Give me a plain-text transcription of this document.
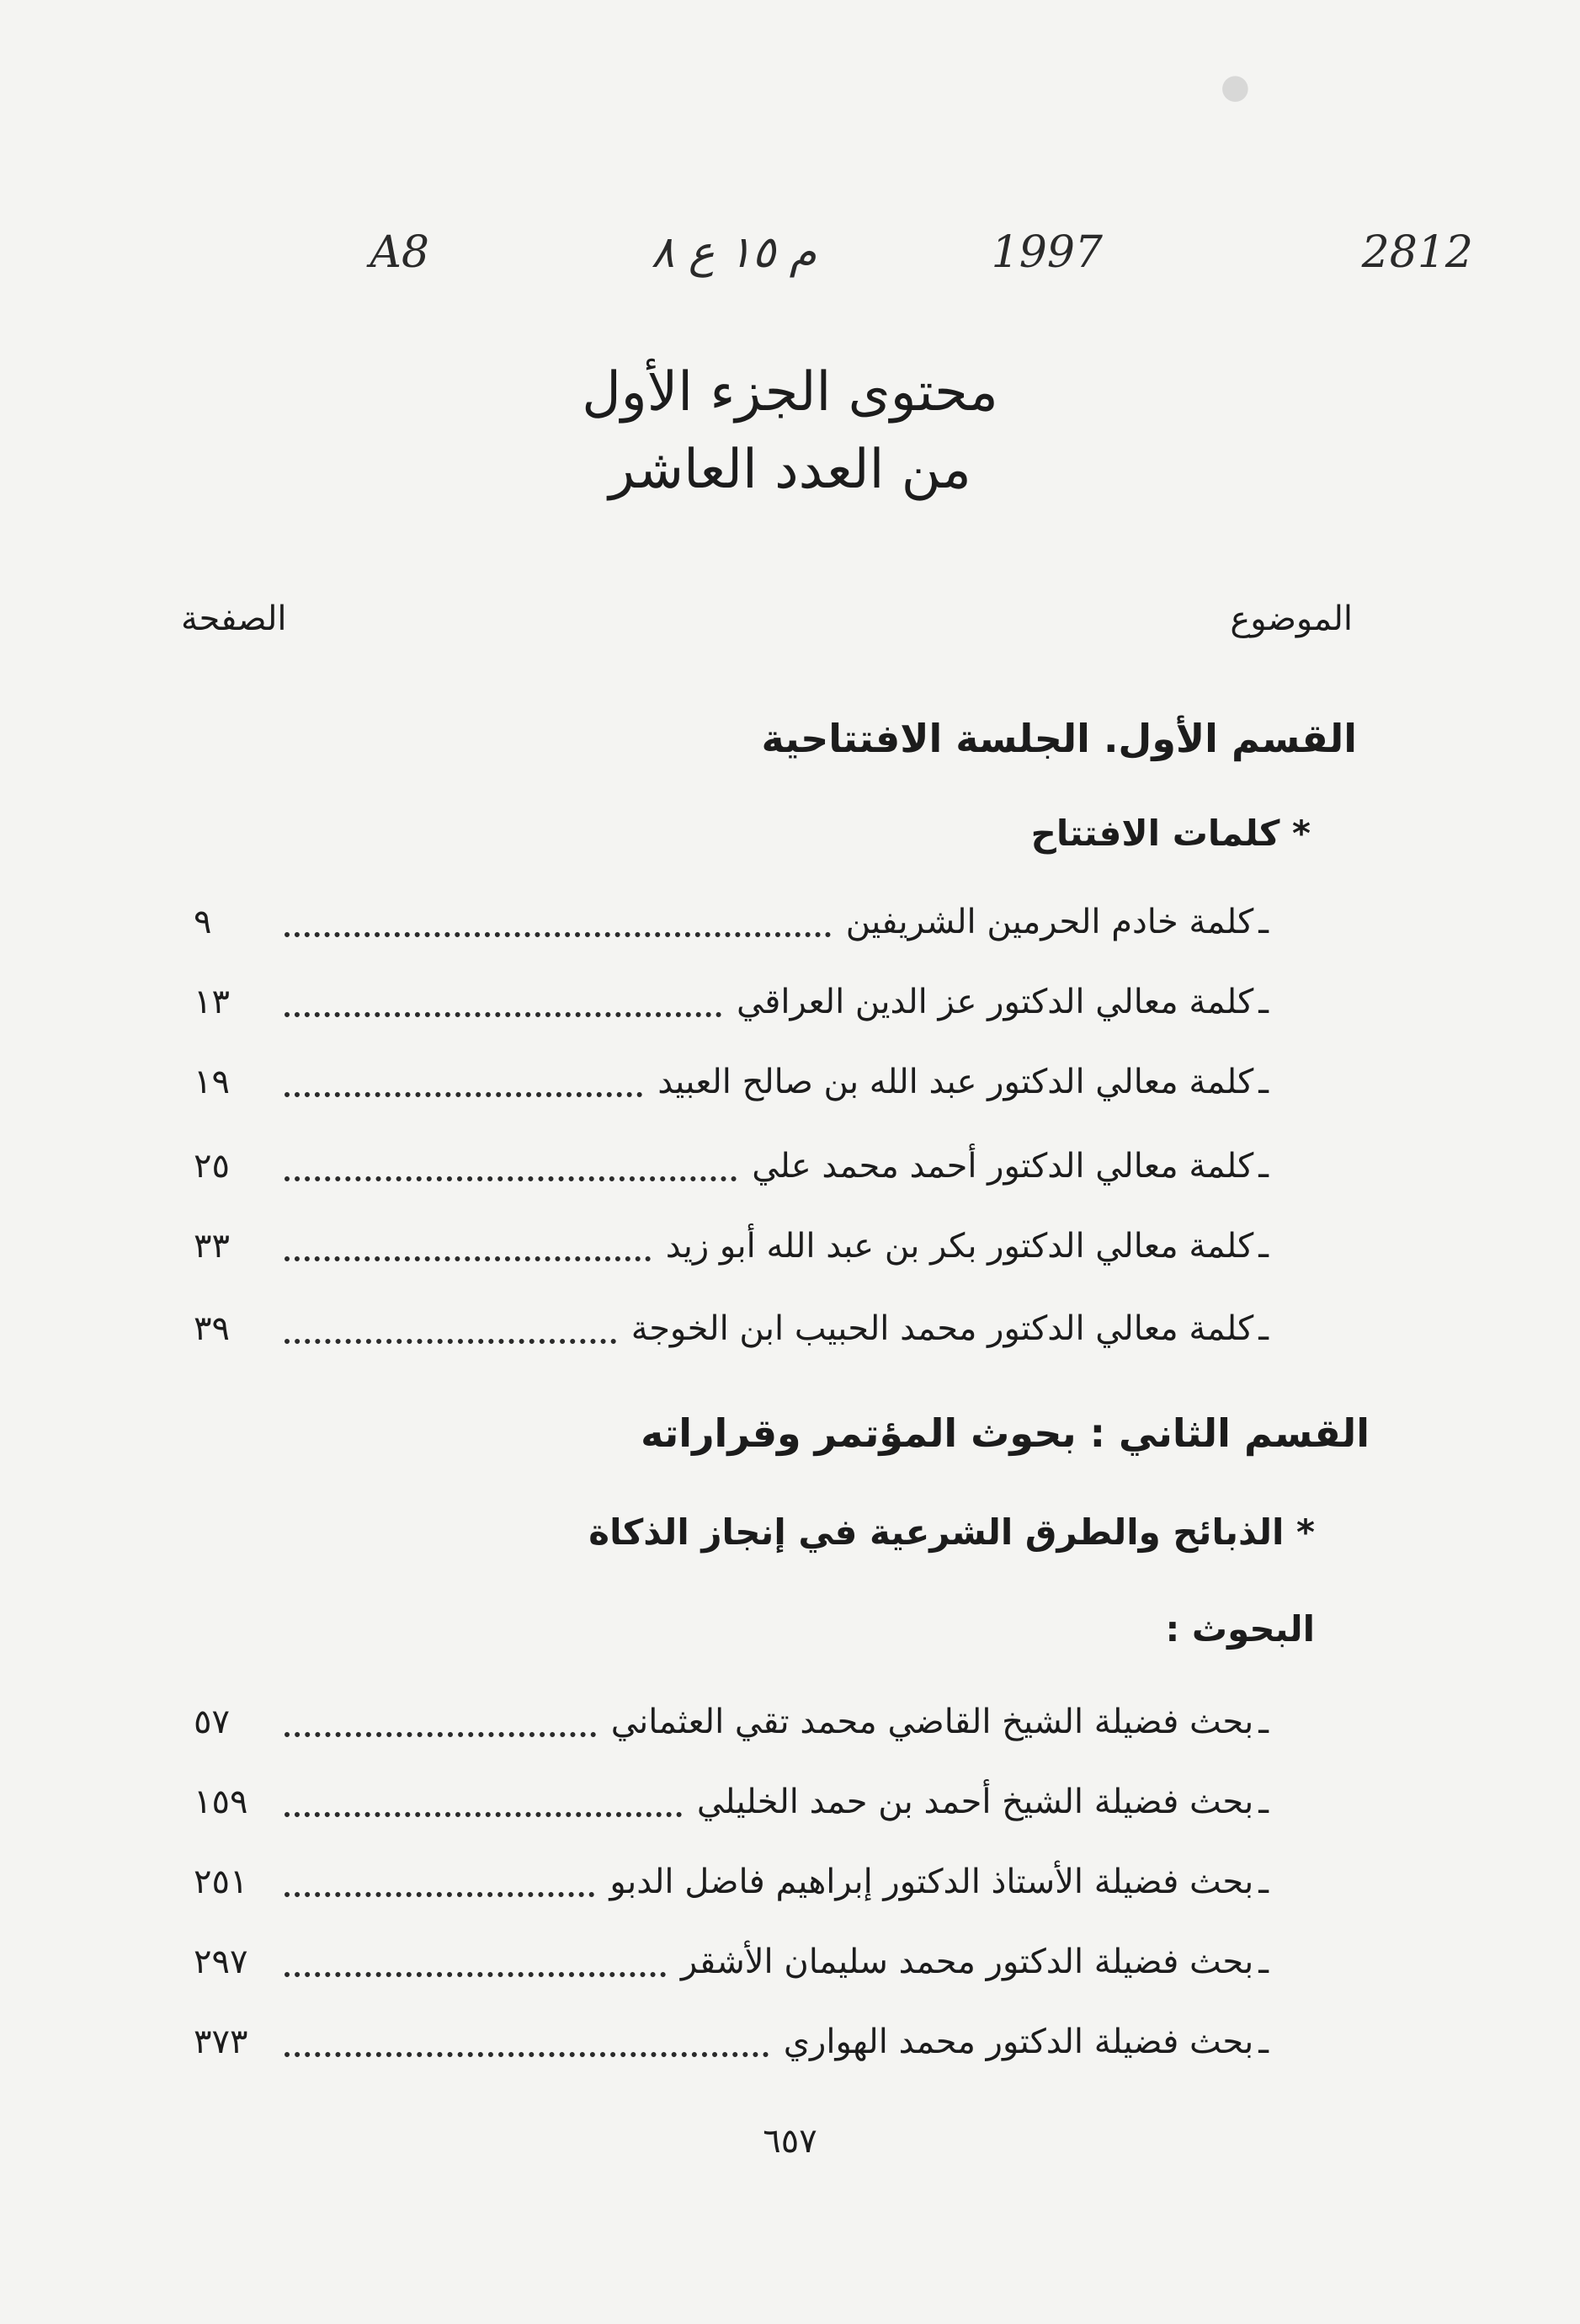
●
2812
1997
م ١٥ ع ٨
A8
محتوى الجزء الأول
من العدد العاشر
الموضوع
الصفحة
القسم الأول. الجلسة الافتتاحية
* كلمات الافتتاح
ـ
كلمة خادم الحرمين الشريفين
٩
ـ
كلمة معالي الدكتور عز الدين العراقي
١٣
ـ
كلمة معالي الدكتور عبد الله بن صالح العبيد
١٩
ـ
كلمة معالي الدكتور أحمد محمد علي
٢٥
ـ
كلمة معالي الدكتور بكر بن عبد الله أبو زيد
٣٣
ـ
كلمة معالي الدكتور محمد الحبيب ابن الخوجة
٣٩
القسم الثاني : بحوث المؤتمر وقراراته
* الذبائح والطرق الشرعية في إنجاز الذكاة
البحوث :
ـ
بحث فضيلة الشيخ القاضي محمد تقي العثماني
٥٧
ـ
بحث فضيلة الشيخ أحمد بن حمد الخليلي
١٥٩
ـ
بحث فضيلة الأستاذ الدكتور إبراهيم فاضل الدبو
٢٥١
ـ
بحث فضيلة الدكتور محمد سليمان الأشقر
٢٩٧
ـ
بحث فضيلة الدكتور محمد الهواري
٣٧٣
٦٥٧
